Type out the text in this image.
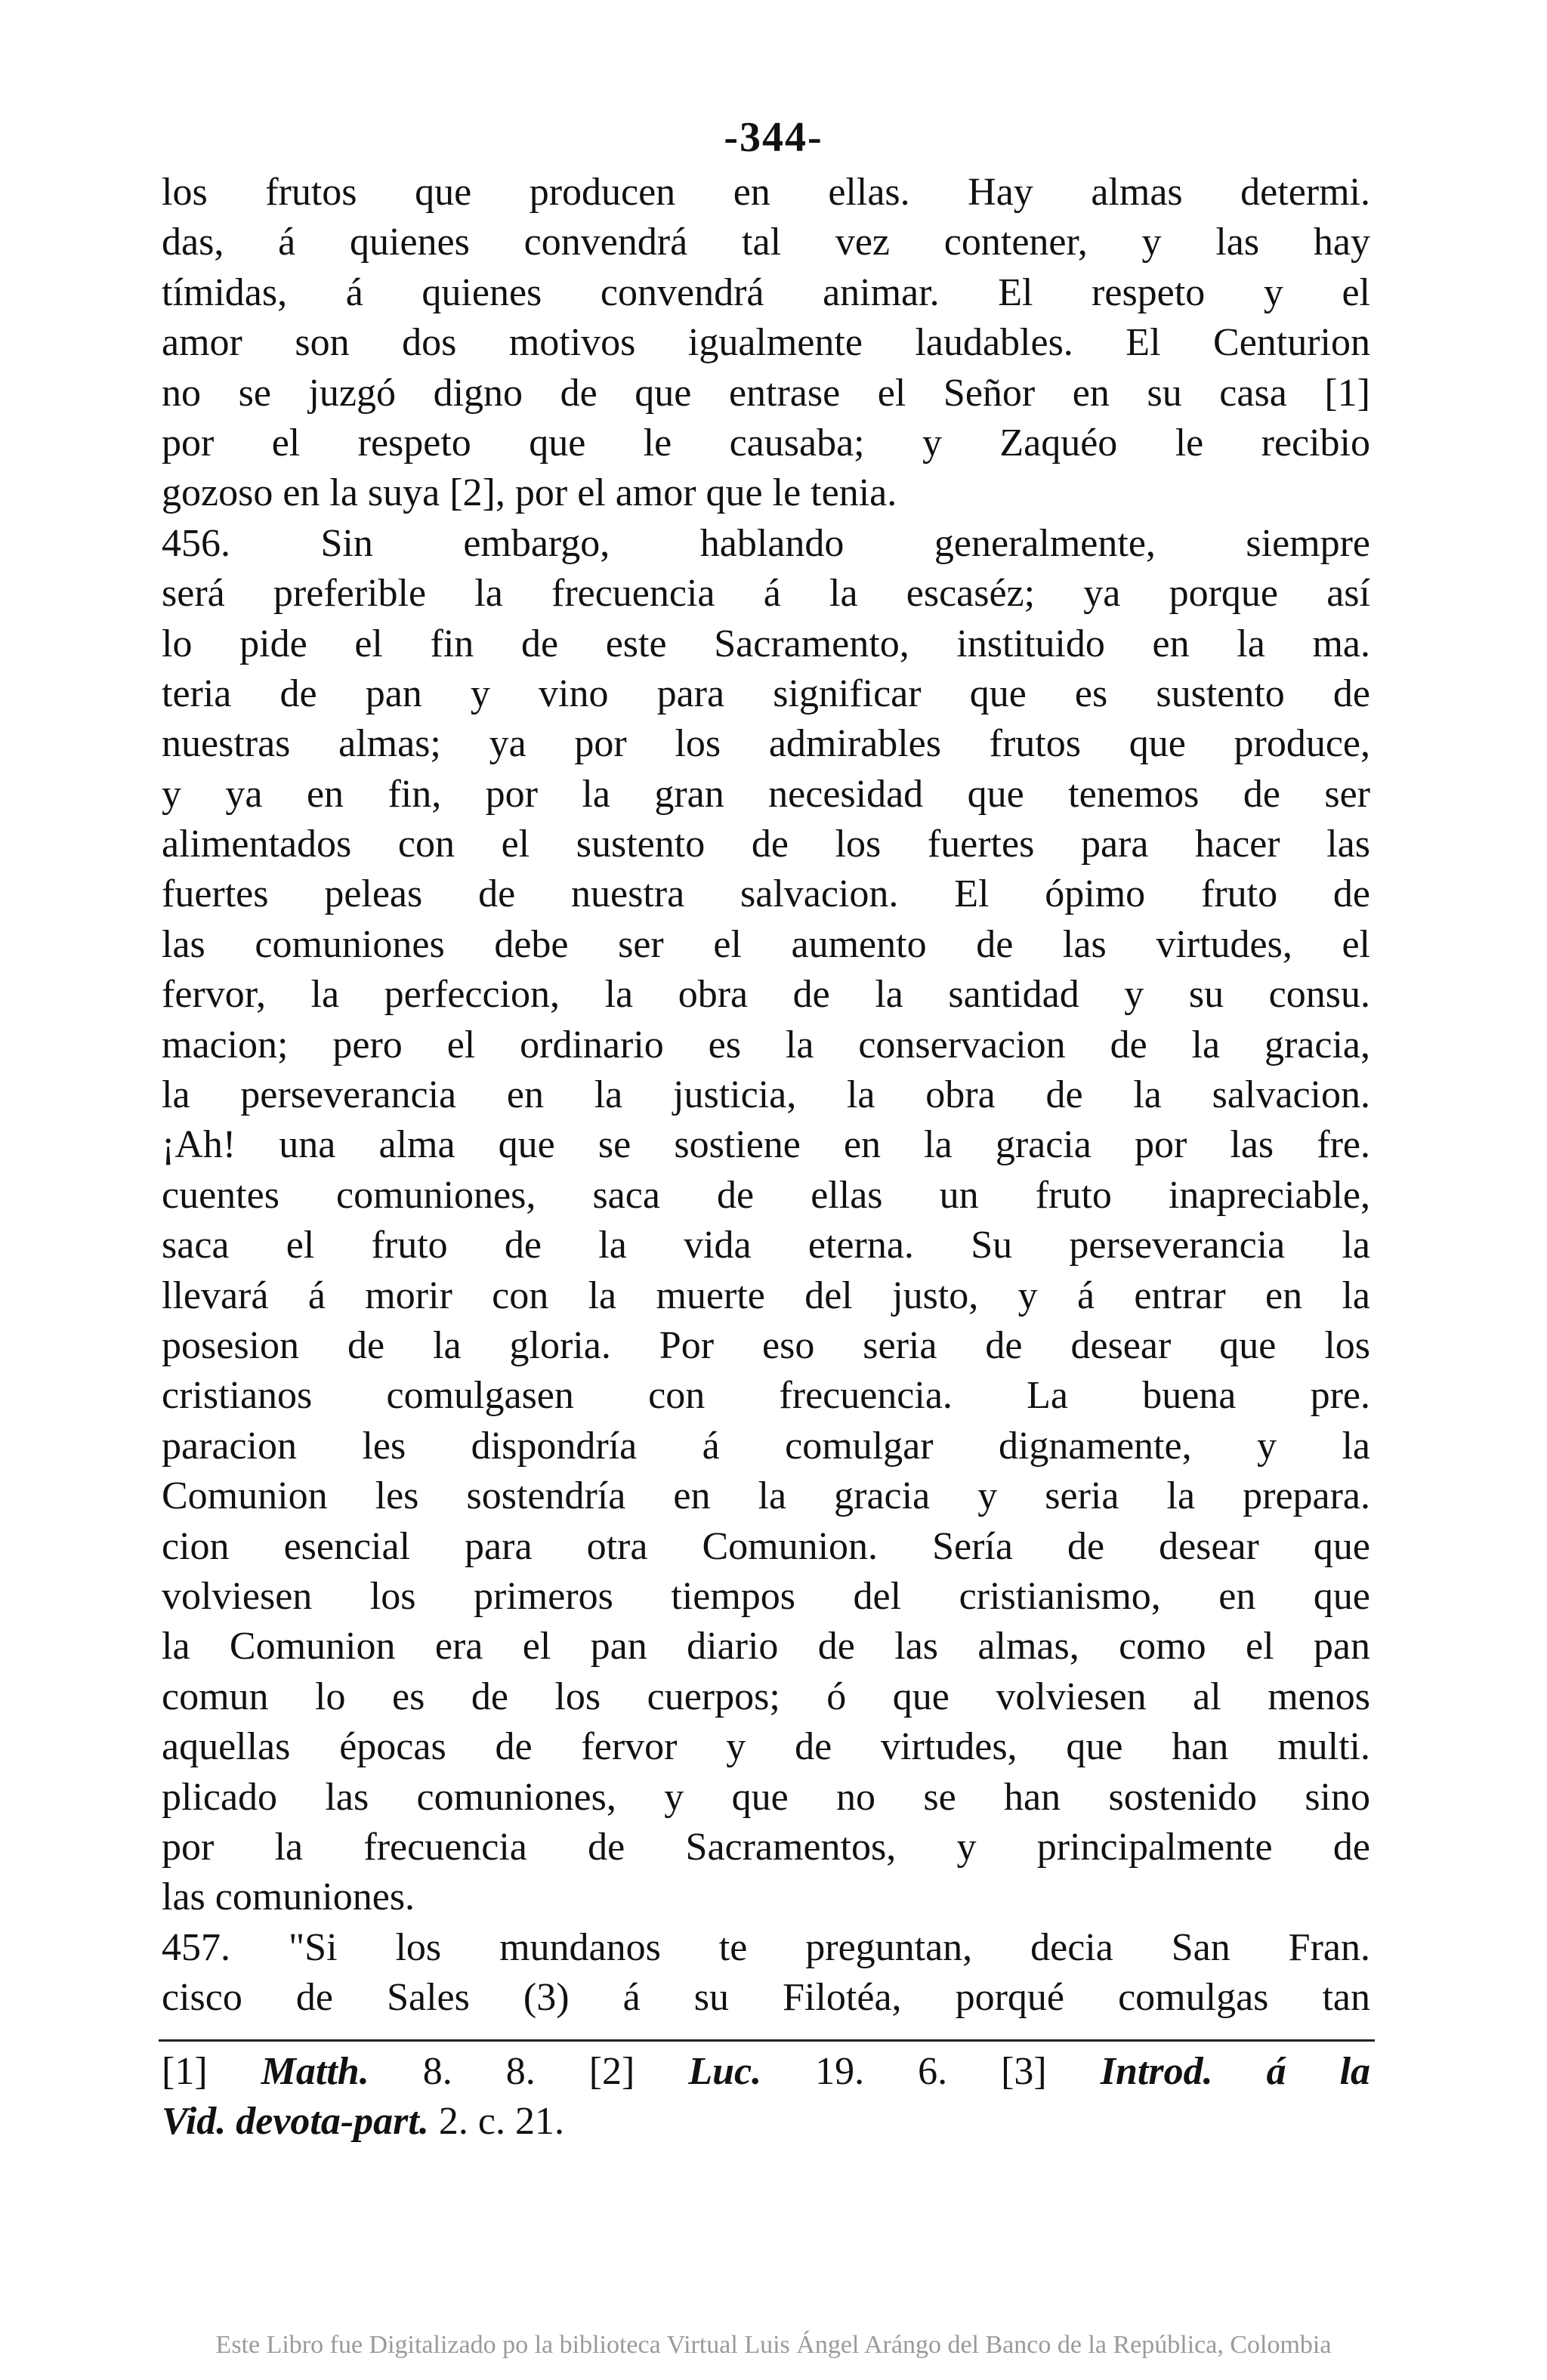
-344-
los frutos que producen en ellas. Hay almas determi.
das, á quienes convendrá tal vez contener, y las hay
tímidas, á quienes convendrá animar. El respeto y el
amor son dos motivos igualmente laudables. El Centurion
no se juzgó digno de que entrase el Señor en su casa [1]
por el respeto que le causaba; y Zaquéo le recibio
gozoso en la suya [2], por el amor que le tenia.
456. Sin embargo, hablando generalmente, siempre
será preferible la frecuencia á la escaséz; ya porque así
lo pide el fin de este Sacramento, instituido en la ma.
teria de pan y vino para significar que es sustento de
nuestras almas; ya por los admirables frutos que produce,
y ya en fin, por la gran necesidad que tenemos de ser
alimentados con el sustento de los fuertes para hacer las
fuertes peleas de nuestra salvacion. El ópimo fruto de
las comuniones debe ser el aumento de las virtudes, el
fervor, la perfeccion, la obra de la santidad y su consu.
macion; pero el ordinario es la conservacion de la gracia,
la perseverancia en la justicia, la obra de la salvacion.
¡Ah! una alma que se sostiene en la gracia por las fre.
cuentes comuniones, saca de ellas un fruto inapreciable,
saca el fruto de la vida eterna. Su perseverancia la
llevará á morir con la muerte del justo, y á entrar en la
posesion de la gloria. Por eso seria de desear que los
cristianos comulgasen con frecuencia. La buena pre.
paracion les dispondría á comulgar dignamente, y la
Comunion les sostendría en la gracia y seria la prepara.
cion esencial para otra Comunion. Sería de desear que
volviesen los primeros tiempos del cristianismo, en que
la Comunion era el pan diario de las almas, como el pan
comun lo es de los cuerpos; ó que volviesen al menos
aquellas épocas de fervor y de virtudes, que han multi.
plicado las comuniones, y que no se han sostenido sino
por la frecuencia de Sacramentos, y principalmente de
las comuniones.
457. "Si los mundanos te preguntan, decia San Fran.
cisco de Sales (3) á su Filotéa, porqué comulgas tan
[1] Matth. 8. 8. [2] Luc. 19. 6. [3] Introd. á la
Vid. devota-part. 2. c. 21.
Este Libro fue Digitalizado po la biblioteca Virtual Luis Ángel Arángo del Banco de la República, Colombia
